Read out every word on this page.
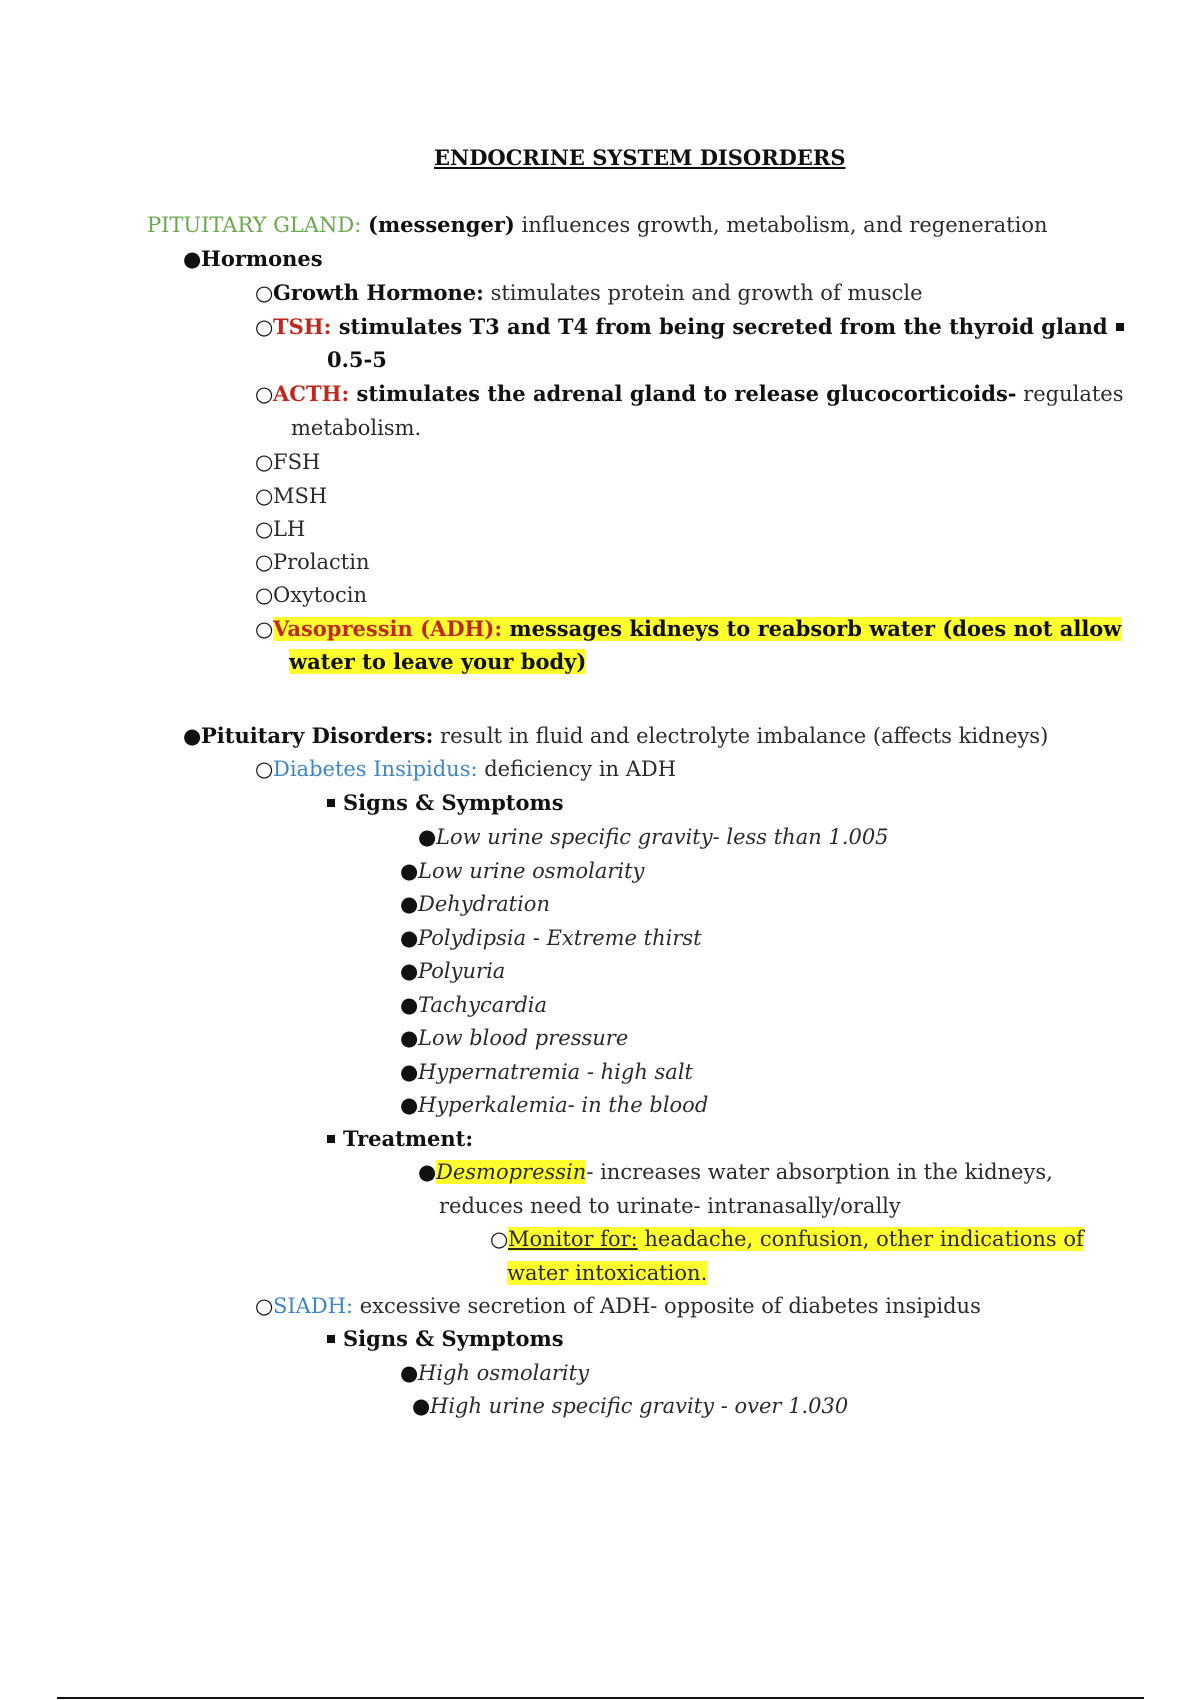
ENDOCRINE SYSTEM DISORDERS
PITUITARY GLAND: (messenger) influences growth, metabolism, and regeneration
●Hormones
○Growth Hormone: stimulates protein and growth of muscle
○TSH: stimulates T3 and T4 from being secreted from the thyroid gland
0.5-5
○ACTH: stimulates the adrenal gland to release glucocorticoids- regulates
metabolism.
○FSH
○MSH
○LH
○Prolactin
○Oxytocin
○Vasopressin (ADH): messages kidneys to reabsorb water (does not allow
water to leave your body)
●Pituitary Disorders: result in fluid and electrolyte imbalance (affects kidneys)
○Diabetes Insipidus: deficiency in ADH
Signs & Symptoms
●Low urine specific gravity- less than 1.005
●Low urine osmolarity
●Dehydration
●Polydipsia - Extreme thirst
●Polyuria
●Tachycardia
●Low blood pressure
●Hypernatremia - high salt
●Hyperkalemia- in the blood
Treatment:
●Desmopressin- increases water absorption in the kidneys,
reduces need to urinate- intranasally/orally
○Monitor for: headache, confusion, other indications of
water intoxication.
○SIADH: excessive secretion of ADH- opposite of diabetes insipidus
Signs & Symptoms
●High osmolarity
●High urine specific gravity - over 1.030
